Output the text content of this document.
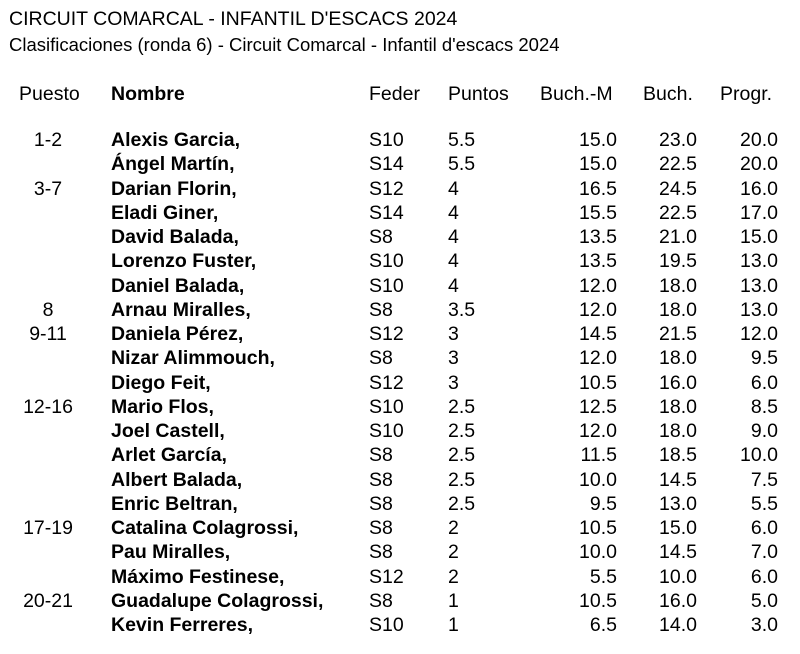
CIRCUIT COMARCAL - INFANTIL D'ESCACS 2024
Clasificaciones (ronda 6) - Circuit Comarcal - Infantil d'escacs 2024
Puesto Nombre	Feder Puntos Buch.-M Buch. Progr.
1-2	Alexis Garcia,	S10 5.5	15.0	23.0	20.0
Ángel Martín,	S14 5.5	15.0	22.5	20.0
3-7	Darian Florin,	S12 4	16.5	24.5	16.0
Eladi Giner,	S14 4	15.5	22.5	17.0
David Balada,	S8	4	13.5	21.0	15.0
Lorenzo Fuster,	S10 4	13.5	19.5	13.0
Daniel Balada,	S10 4	12.0	18.0	13.0
8	Arnau Miralles,	S8	3.5	12.0	18.0	13.0
9-11	Daniela Pérez,	S12 3	14.5	21.5	12.0
Nizar Alimmouch,	S8	3	12.0	18.0	9.5
Diego Feit,	S12 3	10.5	16.0	6.0
12-16	Mario Flos,	S10 2.5	12.5	18.0	8.5
Joel Castell,	S10 2.5	12.0	18.0	9.0
Arlet García,	S8	2.5	11.5	18.5	10.0
Albert Balada,	S8	2.5	10.0	14.5	7.5
Enric Beltran,	S8	2.5	9.5	13.0	5.5
17-19	Catalina Colagrossi,	S8	2	10.5	15.0	6.0
Pau Miralles,	S8	2	10.0	14.5	7.0
Máximo Festinese,	S12 2	5.5	10.0	6.0
20-21	Guadalupe Colagrossi, S8	1	10.5	16.0	5.0
Kevin Ferreres,	S10 1	6.5	14.0	3.0
